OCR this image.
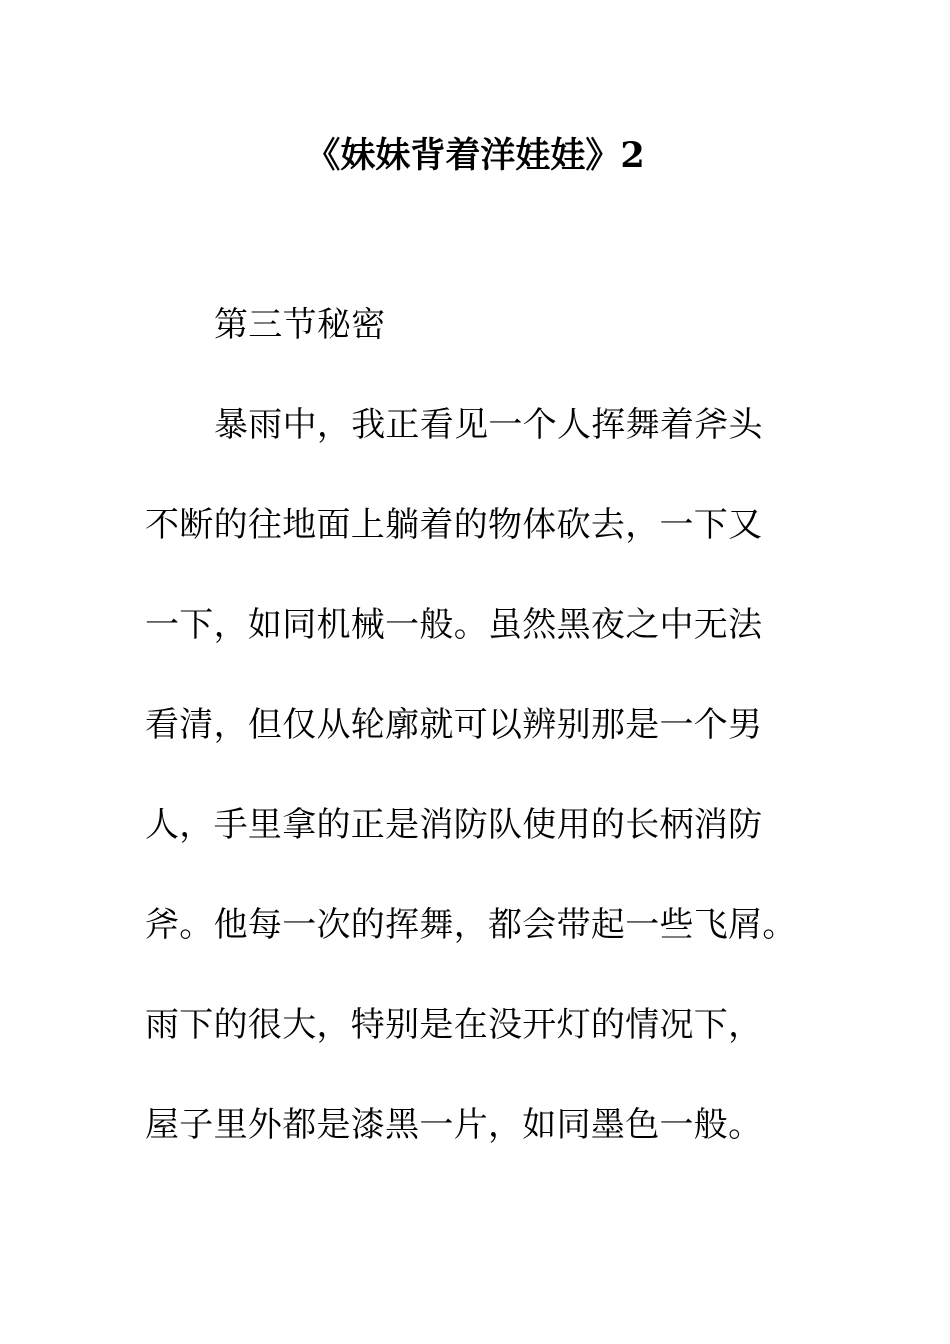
《妹妹背着洋娃娃》2
第三节秘密
暴雨中，我正看见一个人挥舞着斧头
不断的往地面上躺着的物体砍去，一下又
一下，如同机械一般。虽然黑夜之中无法
看清，但仅从轮廓就可以辨别那是一个男
人，手里拿的正是消防队使用的长柄消防
斧。他每一次的挥舞，都会带起一些飞屑。
雨下的很大，特别是在没开灯的情况下，
屋子里外都是漆黑一片，如同墨色一般。
